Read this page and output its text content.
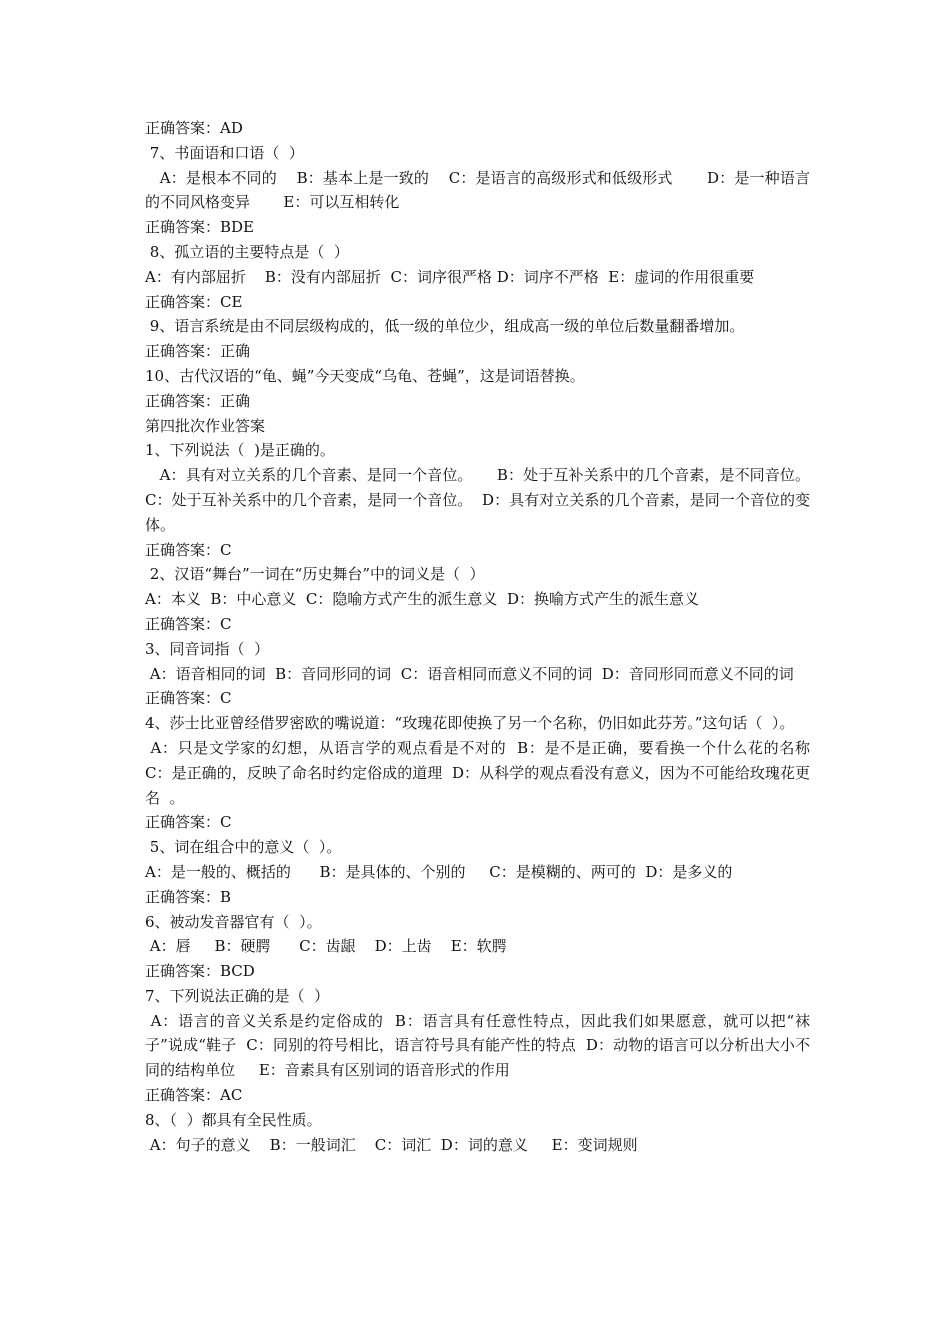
正确答案：AD

7、书面语和口语（  ）

A：是根本不同的    B：基本上是一致的    C：是语言的高级形式和低级形式       D：是一种语言的不同风格变异       E：可以互相转化

正确答案：BDE

8、孤立语的主要特点是（  ）

A：有内部屈折    B：没有内部屈折  C：词序很严格 D：词序不严格  E：虚词的作用很重要

正确答案：CE

9、语言系统是由不同层级构成的，低一级的单位少，组成高一级的单位后数量翻番增加。

正确答案：正确

10、古代汉语的“龟、蝇”今天变成“乌龟、苍蝇”，这是词语替换。

正确答案：正确

第四批次作业答案

1、下列说法（  )是正确的。

A：具有对立关系的几个音素、是同一个音位。     B：处于互补关系中的几个音素，是不同音位。    C：处于互补关系中的几个音素，是同一个音位。  D：具有对立关系的几个音素，是同一个音位的变体。

正确答案：C

2、汉语“舞台”一词在“历史舞台”中的词义是（  ）

A：本义  B：中心意义  C：隐喻方式产生的派生意义  D：换喻方式产生的派生意义

正确答案：C

3、同音词指（  ）

A：语音相同的词  B：音同形同的词  C：语音相同而意义不同的词  D：音同形同而意义不同的词

正确答案：C

4、莎士比亚曾经借罗密欧的嘴说道：“玫瑰花即使换了另一个名称，仍旧如此芬芳。”这句话（  ）。

A：只是文学家的幻想，从语言学的观点看是不对的  B：是不是正确，要看换一个什么花的名称  C：是正确的，反映了命名时约定俗成的道理  D：从科学的观点看没有意义，因为不可能给玫瑰花更名  。

正确答案：C

5、词在组合中的意义（  ）。

A：是一般的、概括的      B：是具体的、个别的     C：是模糊的、两可的  D：是多义的

正确答案：B

6、被动发音器官有（  ）。

A：唇     B：硬腭      C：齿龈    D：上齿    E：软腭

正确答案：BCD

7、下列说法正确的是（  ）

A：语言的音义关系是约定俗成的  B：语言具有任意性特点，因此我们如果愿意，就可以把“袜子”说成“鞋子  C：同别的符号相比，语言符号具有能产性的特点  D：动物的语言可以分析出大小不同的结构单位     E：音素具有区别词的语音形式的作用

正确答案：AC

8、（  ）都具有全民性质。

A：句子的意义    B：一般词汇    C：词汇  D：词的意义     E：变词规则
